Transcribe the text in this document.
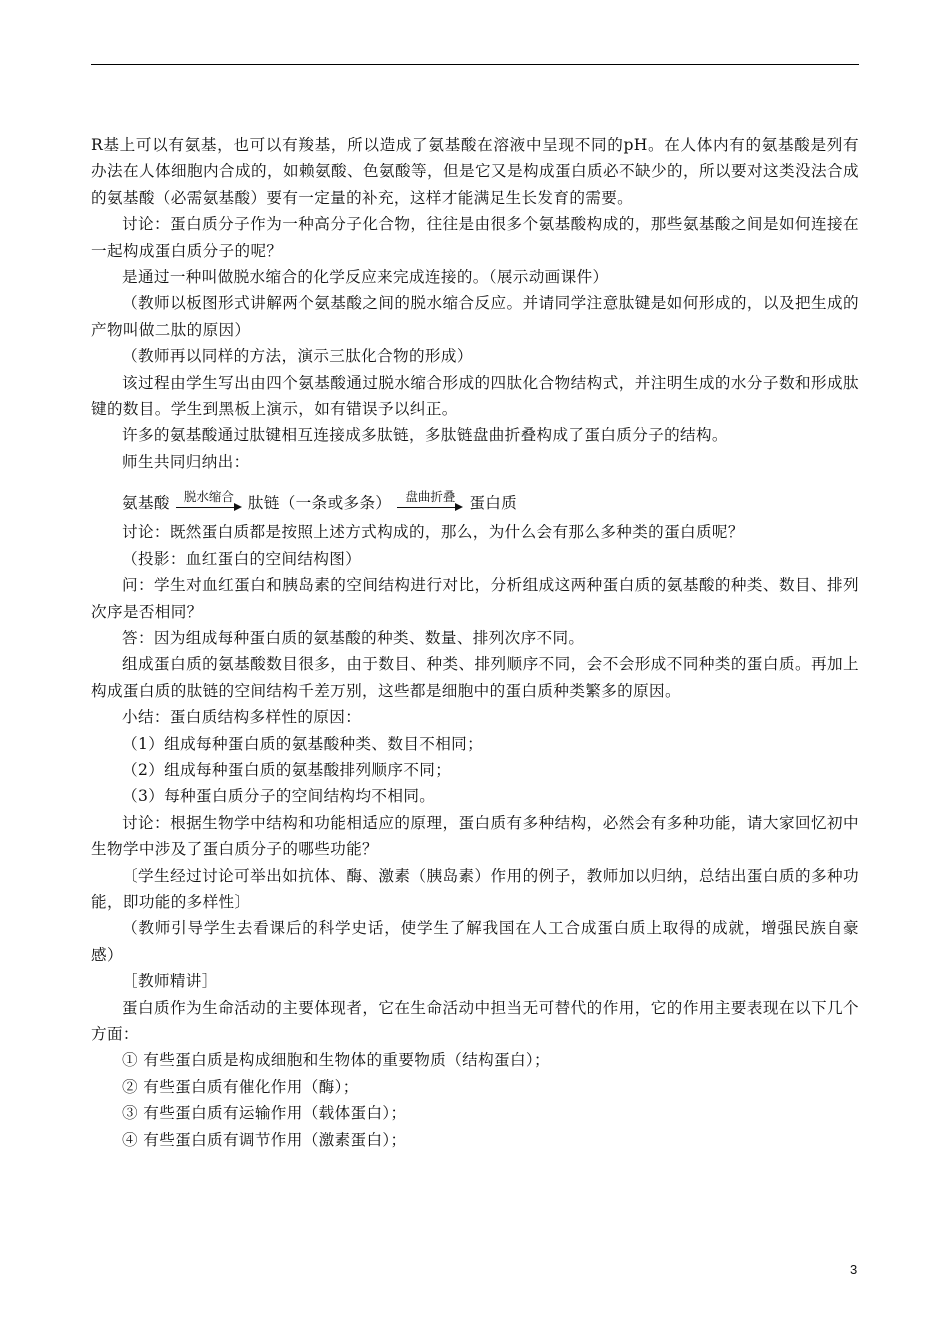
R基上可以有氨基，也可以有羧基，所以造成了氨基酸在溶液中呈现不同的pH。在人体内有的氨基酸是列有办法在人体细胞内合成的，如赖氨酸、色氨酸等，但是它又是构成蛋白质必不缺少的，所以要对这类没法合成的氨基酸（必需氨基酸）要有一定量的补充，这样才能满足生长发育的需要。

讨论：蛋白质分子作为一种高分子化合物，往往是由很多个氨基酸构成的，那些氨基酸之间是如何连接在一起构成蛋白质分子的呢？

是通过一种叫做脱水缩合的化学反应来完成连接的。（展示动画课件）

（教师以板图形式讲解两个氨基酸之间的脱水缩合反应。并请同学注意肽键是如何形成的，以及把生成的产物叫做二肽的原因）

（教师再以同样的方法，演示三肽化合物的形成）

该过程由学生写出由四个氨基酸通过脱水缩合形成的四肽化合物结构式，并注明生成的水分子数和形成肽键的数目。学生到黑板上演示，如有错误予以纠正。

许多的氨基酸通过肽键相互连接成多肽链，多肽链盘曲折叠构成了蛋白质分子的结构。

师生共同归纳出：

氨基酸 脱水缩合 肽链（一条或多条） 盘曲折叠 蛋白质

讨论：既然蛋白质都是按照上述方式构成的，那么，为什么会有那么多种类的蛋白质呢？

（投影：血红蛋白的空间结构图）

问：学生对血红蛋白和胰岛素的空间结构进行对比，分析组成这两种蛋白质的氨基酸的种类、数目、排列次序是否相同？

答：因为组成每种蛋白质的氨基酸的种类、数量、排列次序不同。

组成蛋白质的氨基酸数目很多，由于数目、种类、排列顺序不同，会不会形成不同种类的蛋白质。再加上构成蛋白质的肽链的空间结构千差万别，这些都是细胞中的蛋白质种类繁多的原因。

小结：蛋白质结构多样性的原因：

（1）组成每种蛋白质的氨基酸种类、数目不相同；

（2）组成每种蛋白质的氨基酸排列顺序不同；

（3）每种蛋白质分子的空间结构均不相同。

讨论：根据生物学中结构和功能相适应的原理，蛋白质有多种结构，必然会有多种功能，请大家回忆初中生物学中涉及了蛋白质分子的哪些功能？

〔学生经过讨论可举出如抗体、酶、激素（胰岛素）作用的例子，教师加以归纳，总结出蛋白质的多种功能，即功能的多样性〕

（教师引导学生去看课后的科学史话，使学生了解我国在人工合成蛋白质上取得的成就，增强民族自豪感）

［教师精讲］

蛋白质作为生命活动的主要体现者，它在生命活动中担当无可替代的作用，它的作用主要表现在以下几个方面：

① 有些蛋白质是构成细胞和生物体的重要物质（结构蛋白）；

② 有些蛋白质有催化作用（酶）；

③ 有些蛋白质有运输作用（载体蛋白）；

④ 有些蛋白质有调节作用（激素蛋白）；

3
